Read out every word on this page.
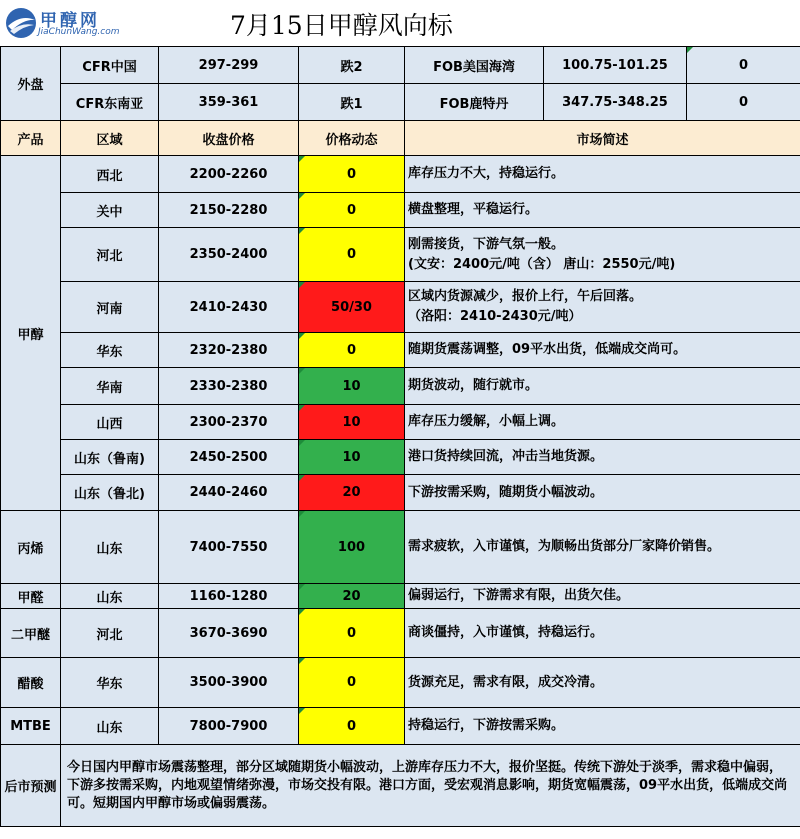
甲醇网
JiaChunWang.com	7月15日甲醇风向标
外盘	CFR中国	297-299	跌2	FOB美国海湾	100.75-101.25	0
	CFR东南亚	359-361	跌1	FOB鹿特丹	347.75-348.25	0
产品	区域	收盘价格	价格动态	市场简述		
甲醇	西北	2200-2260	0	库存压力不大，持稳运行。		

	关中	2150-2280	0	横盘整理，平稳运行。		

	河北	2350-2400	0	刚需接货，下游气氛一般。
(文安：2400元/吨（含） 唐山：2550元/吨)		

	河南	2410-2430	50/30	区域内货源减少，报价上行，午后回落。
（洛阳：2410-2430元/吨）		

	华东	2320-2380	0	随期货震荡调整，09平水出货，低端成交尚可。		

	华南	2330-2380	10	期货波动，随行就市。		

	山西	2300-2370	10	库存压力缓解，小幅上调。		

	山东（鲁南)	2450-2500	10	港口货持续回流，冲击当地货源。		

	山东（鲁北)	2440-2460	20	下游按需采购，随期货小幅波动。		

丙烯	山东	7400-7550	100	需求疲软，入市谨慎，为顺畅出货部分厂家降价销售。		

甲醛	山东	1160-1280	20	偏弱运行，下游需求有限，出货欠佳。		

二甲醚	河北	3670-3690	0	商谈僵持，入市谨慎，持稳运行。		

醋酸	华东	3500-3900	0	货源充足，需求有限，成交冷清。		

MTBE	山东	7800-7900	0	持稳运行，下游按需采购。		

后市预测	今日国内甲醇市场震荡整理，部分区域随期货小幅波动，上游库存压力不大，报价坚挺。传统下游处于淡季，需求稳中偏弱，下游多按需采购，内地观望情绪弥漫，市场交投有限。港口方面，受宏观消息影响，期货宽幅震荡，09平水出货，低端成交尚可。短期国内甲醇市场或偏弱震荡。					
